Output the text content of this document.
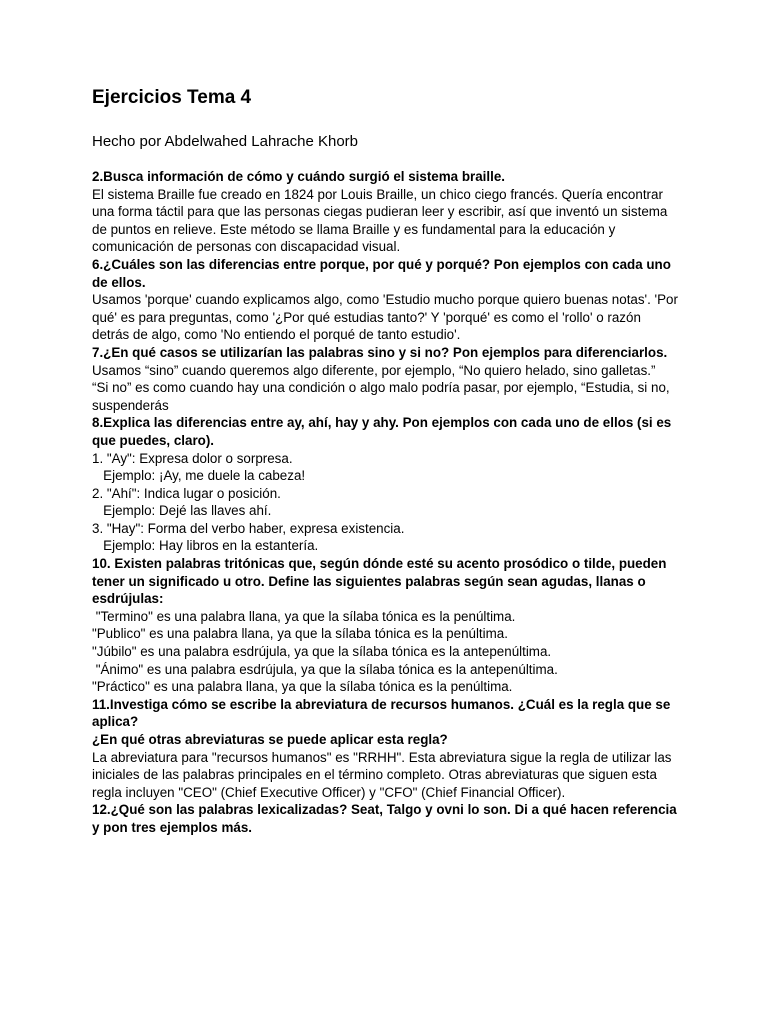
Ejercicios Tema 4

Hecho por Abdelwahed Lahrache Khorb

2.Busca información de cómo y cuándo surgió el sistema braille.
El sistema Braille fue creado en 1824 por Louis Braille, un chico ciego francés. Quería encontrar una forma táctil para que las personas ciegas pudieran leer y escribir, así que inventó un sistema de puntos en relieve. Este método se llama Braille y es fundamental para la educación y comunicación de personas con discapacidad visual.
6.¿Cuáles son las diferencias entre porque, por qué y porqué? Pon ejemplos con cada uno de ellos.
Usamos 'porque' cuando explicamos algo, como 'Estudio mucho porque quiero buenas notas'. 'Por qué' es para preguntas, como '¿Por qué estudias tanto?' Y 'porqué' es como el 'rollo' o razón detrás de algo, como 'No entiendo el porqué de tanto estudio'.
7.¿En qué casos se utilizarían las palabras sino y si no? Pon ejemplos para diferenciarlos.
Usamos “sino” cuando queremos algo diferente, por ejemplo, “No quiero helado, sino galletas.”
“Si no” es como cuando hay una condición o algo malo podría pasar, por ejemplo, “Estudia, si no, suspenderás
8.Explica las diferencias entre ay, ahí, hay y ahy. Pon ejemplos con cada uno de ellos (si es que puedes, claro).
1. "Ay": Expresa dolor o sorpresa.
Ejemplo: ¡Ay, me duele la cabeza!
2. "Ahí": Indica lugar o posición.
Ejemplo: Dejé las llaves ahí.
3. "Hay": Forma del verbo haber, expresa existencia.
Ejemplo: Hay libros en la estantería.
10. Existen palabras tritónicas que, según dónde esté su acento prosódico o tilde, pueden tener un significado u otro. Define las siguientes palabras según sean agudas, llanas o esdrújulas:
"Termino" es una palabra llana, ya que la sílaba tónica es la penúltima.
"Publico" es una palabra llana, ya que la sílaba tónica es la penúltima.
"Júbilo" es una palabra esdrújula, ya que la sílaba tónica es la antepenúltima.
"Ánimo" es una palabra esdrújula, ya que la sílaba tónica es la antepenúltima.
"Práctico" es una palabra llana, ya que la sílaba tónica es la penúltima.
11.Investiga cómo se escribe la abreviatura de recursos humanos. ¿Cuál es la regla que se aplica?
¿En qué otras abreviaturas se puede aplicar esta regla?
La abreviatura para "recursos humanos" es "RRHH". Esta abreviatura sigue la regla de utilizar las iniciales de las palabras principales en el término completo. Otras abreviaturas que siguen esta regla incluyen "CEO" (Chief Executive Officer) y "CFO" (Chief Financial Officer).
12.¿Qué son las palabras lexicalizadas? Seat, Talgo y ovni lo son. Di a qué hacen referencia y pon tres ejemplos más.
